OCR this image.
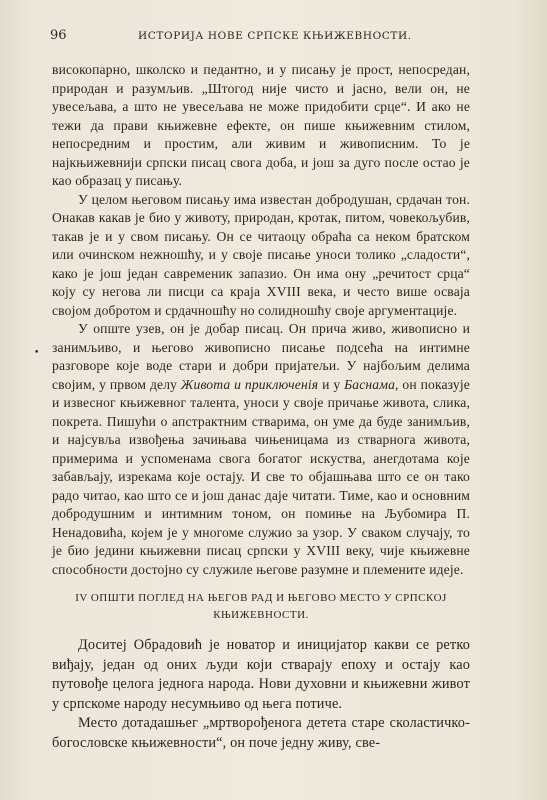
96	ИСТОРИЈА НОВЕ СРПСКЕ КЊИЖЕВНОСТИ.
•

високопарно, школско и педантно, и у писању је прост, непосредан, природан и разумљив. „Штогод није чисто и јасно, вели он, не увесељава, а што не увесељава не може придобити срце“. И ако не тежи да прави књижевне ефекте, он пише књижевним стилом, непосредним и простим, али живим и живописним. То је најкњижевнији српски писац свога доба, и још за дуго после остао је као образац у писању.

У целом његовом писању има известан добродушан, срдачан тон. Онакав какав је био у животу, природан, кротак, питом, човекољубив, такав је и у свом писању. Он се читаоцу обраћа са неком братском или очинском нежношћу, и у своје писање уноси толико „сладости“, како је још један савременик запазио. Он има ону „речитост срца“ коју су негова ли писци са краја XVIII века, и често више осваја својом добротом и срдачношћу но солидношћу своје аргументације.

У опште узев, он је добар писац. Он прича живо, живописно и занимљиво, и његово живописно писање подсећа на интимне разговоре које воде стари и добри пријатељи. У најбољим делима својим, у првом делу Живота и приключенія и у Баснама, он показује и извесног књижевног талента, уноси у своје причање живота, слика, покрета. Пишући о апстрактним стварима, он уме да буде занимљив, и најсувља извођења зачињава чињеницама из стварнога живота, примерима и успоменама свога богатог искуства, анегдотама које забављају, изрекама које остају. И све то објашњава што се он тако радо читао, као што се и још данас даје читати. Тиме, као и основним добродушним и интимним тоном, он помиње на Љубомира П. Ненадовића, којем је у многоме служио за узор. У сваком случају, то је био једини књижевни писац српски у XVIII веку, чије књижевне способности достојно су служиле његове разумне и племените идеје.

IV ОПШТИ ПОГЛЕД НА ЊЕГОВ РАД И ЊЕГОВО МЕСТО У СРПСКОЈ
КЊИЖЕВНОСТИ.

Доситеј Обрадовић је новатор и иницијатор какви се ретко виђају, један од оних људи који стварају епоху и остају као путовође целога једнога народа. Нови духовни и књижевни живот у српскоме народу несумњиво од њега потиче.

Место дотадашњег „мртворођенога детета старе сколастичко-богословске књижевности“, он поче једну живу, све-
